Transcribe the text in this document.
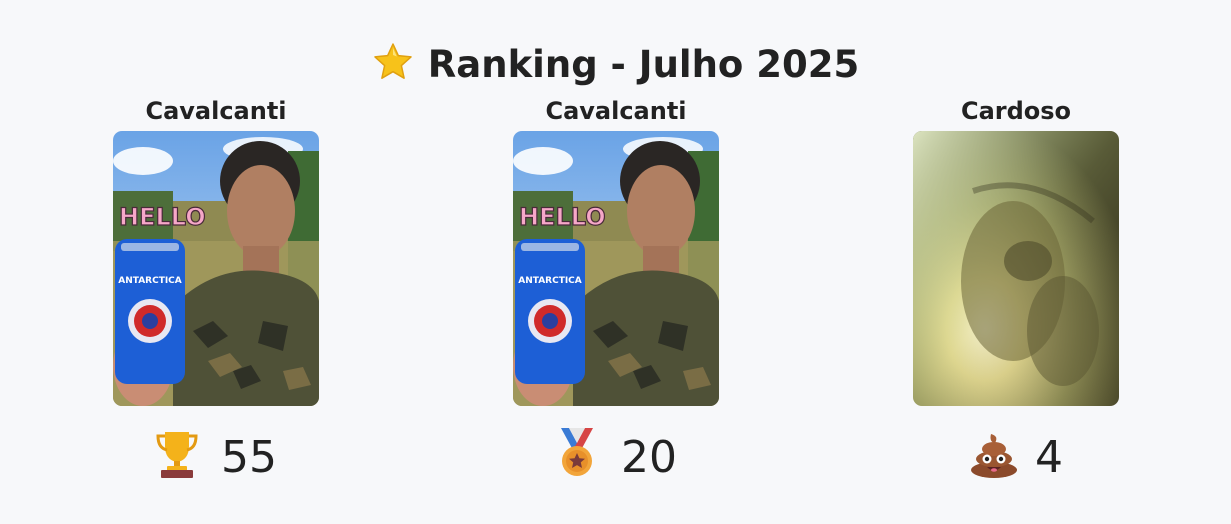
Ranking - Julho 2025
Cavalcanti
ANTARCTICA
HELLO
Cavalcanti
ANTARCTICA
HELLO
Cardoso
55	20	4
